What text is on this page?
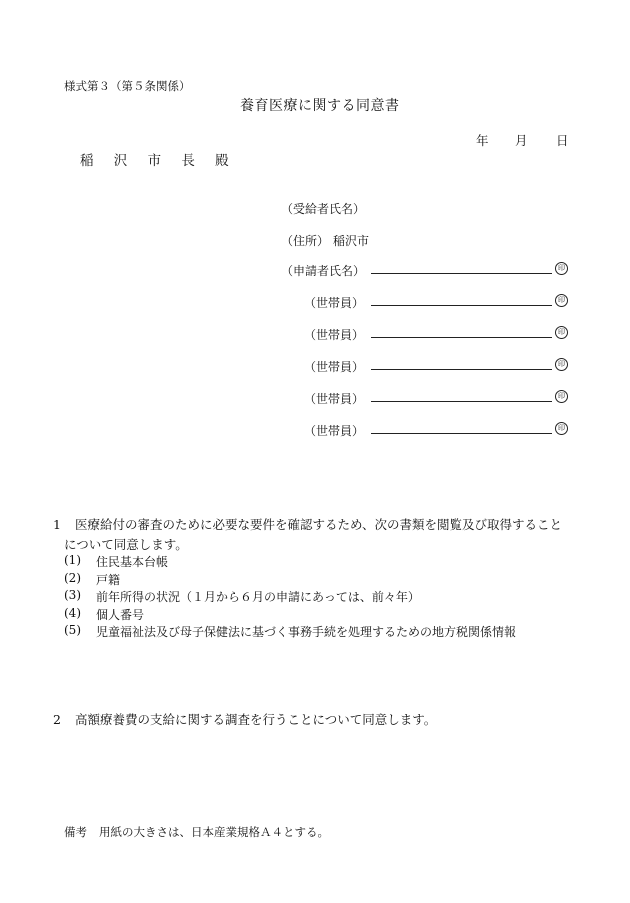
様式第３（第５条関係）
養育医療に関する同意書
年 月 日
稲 沢 市 長 殿
（受給者氏名）
（住所） 稲沢市
（申請者氏名）	印
（世帯員）	印
（世帯員）	印
（世帯員）	印
（世帯員）	印
（世帯員）	印
1 医療給付の審査のために必要な要件を確認するため、次の書類を閲覧及び取得すること
について同意します。
(1) 住民基本台帳
(2) 戸籍
(3) 前年所得の状況（１月から６月の申請にあっては、前々年）
(4) 個人番号
(5) 児童福祉法及び母子保健法に基づく事務手続を処理するための地方税関係情報
2 高額療養費の支給に関する調査を行うことについて同意します。
備考 用紙の大きさは、日本産業規格Ａ４とする。
